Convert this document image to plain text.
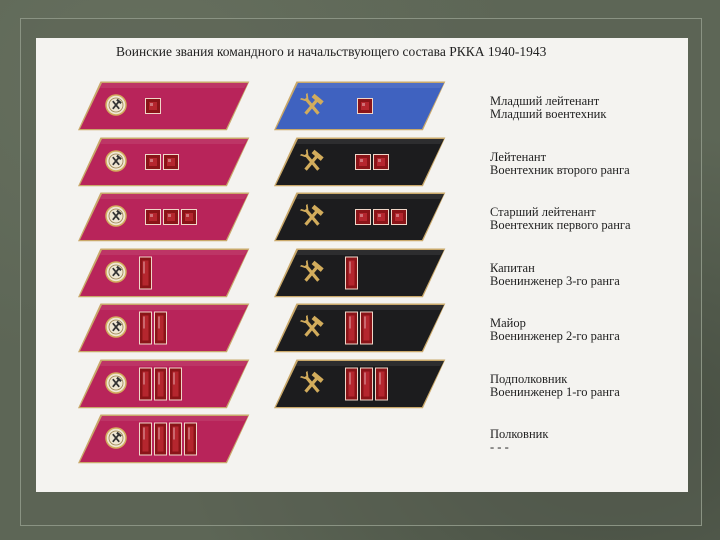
Воинские звания командного и начальствующего состава РККА 1940-1943
Младший лейтенант
Младший воентехник
Лейтенант
Воентехник второго ранга
Старший лейтенант
Воентехник первого ранга
Капитан
Военинженер 3-го ранга
Майор
Военинженер 2-го ранга
Подполковник
Военинженер 1-го ранга
Полковник
- - -
